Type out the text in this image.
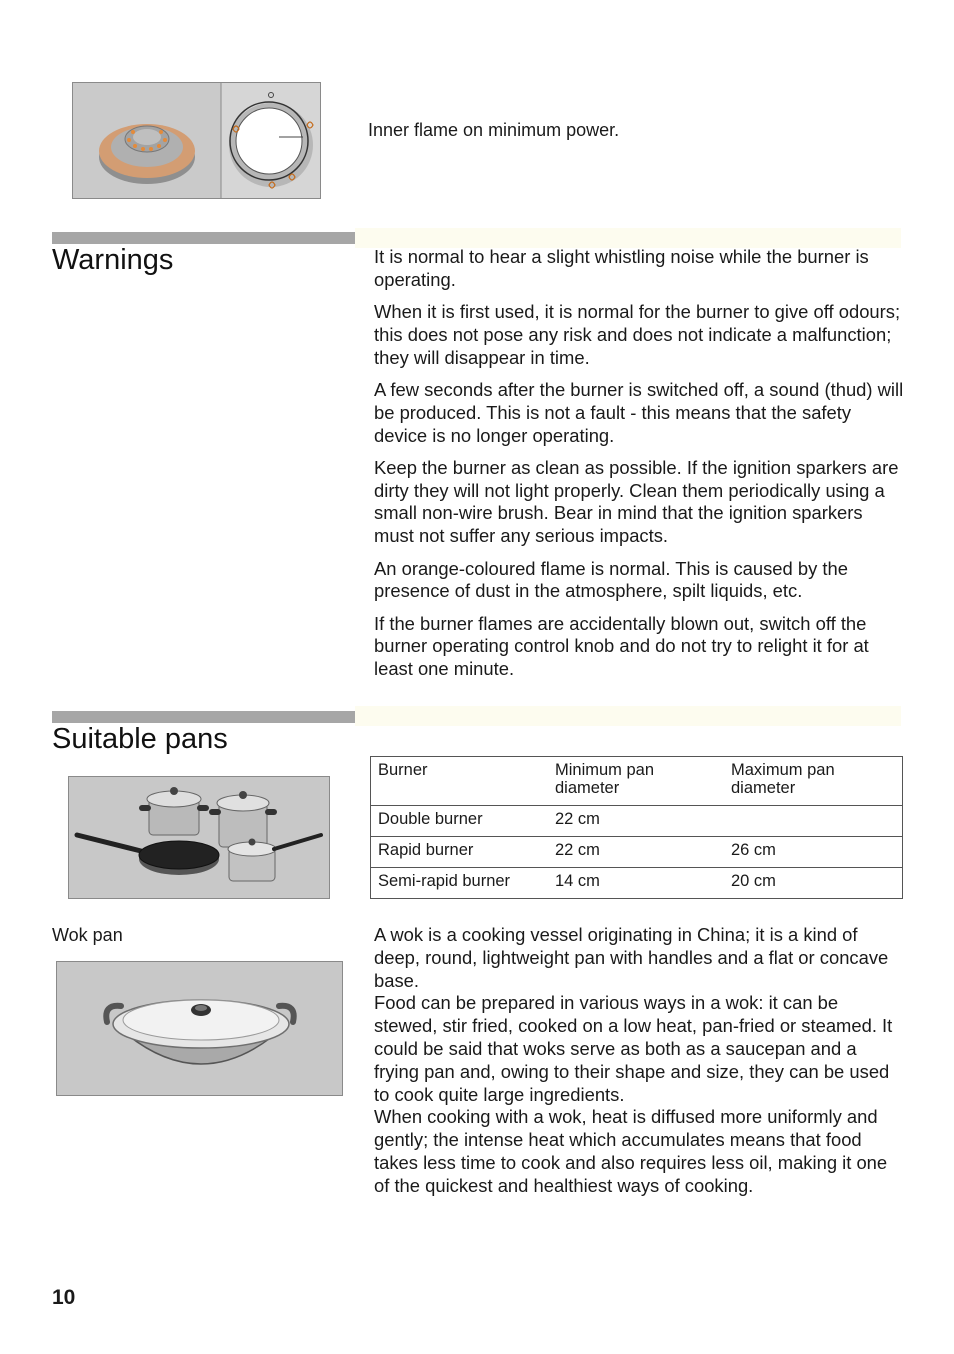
Inner flame on minimum power.
Warnings	It is normal to hear a slight whistling noise while the burner is operating.

When it is first used, it is normal for the burner to give off odours; this does not pose any risk and does not indicate a malfunction; they will disappear in time.

A few seconds after the burner is switched off, a sound (thud) will be produced. This is not a fault - this means that the safety device is no longer operating.

Keep the burner as clean as possible. If the ignition sparkers are dirty they will not light properly. Clean them periodically using a small non-wire brush. Bear in mind that the ignition sparkers must not suffer any serious impacts.

An orange-coloured flame is normal. This is caused by the presence of dust in the atmosphere, spilt liquids, etc.

If the burner flames are accidentally blown out, switch off the burner operating control knob and do not try to relight it for at least one minute.

Suitable pans
Burner	Minimum pan diameter	Maximum pan diameter
Double burner	22 cm	
Rapid burner	22 cm	26 cm
Semi-rapid burner	14 cm	20 cm
Wok pan	A wok is a cooking vessel originating in China; it is a kind of deep, round, lightweight pan with handles and a flat or concave base.

Food can be prepared in various ways in a wok: it can be stewed, stir fried, cooked on a low heat, pan-fried or steamed. It could be said that woks serve as both as a saucepan and a frying pan and, owing to their shape and size, they can be used to cook quite large ingredients.

When cooking with a wok, heat is diffused more uniformly and gently; the intense heat which accumulates means that food takes less time to cook and also requires less oil, making it one of the quickest and healthiest ways of cooking.

10
